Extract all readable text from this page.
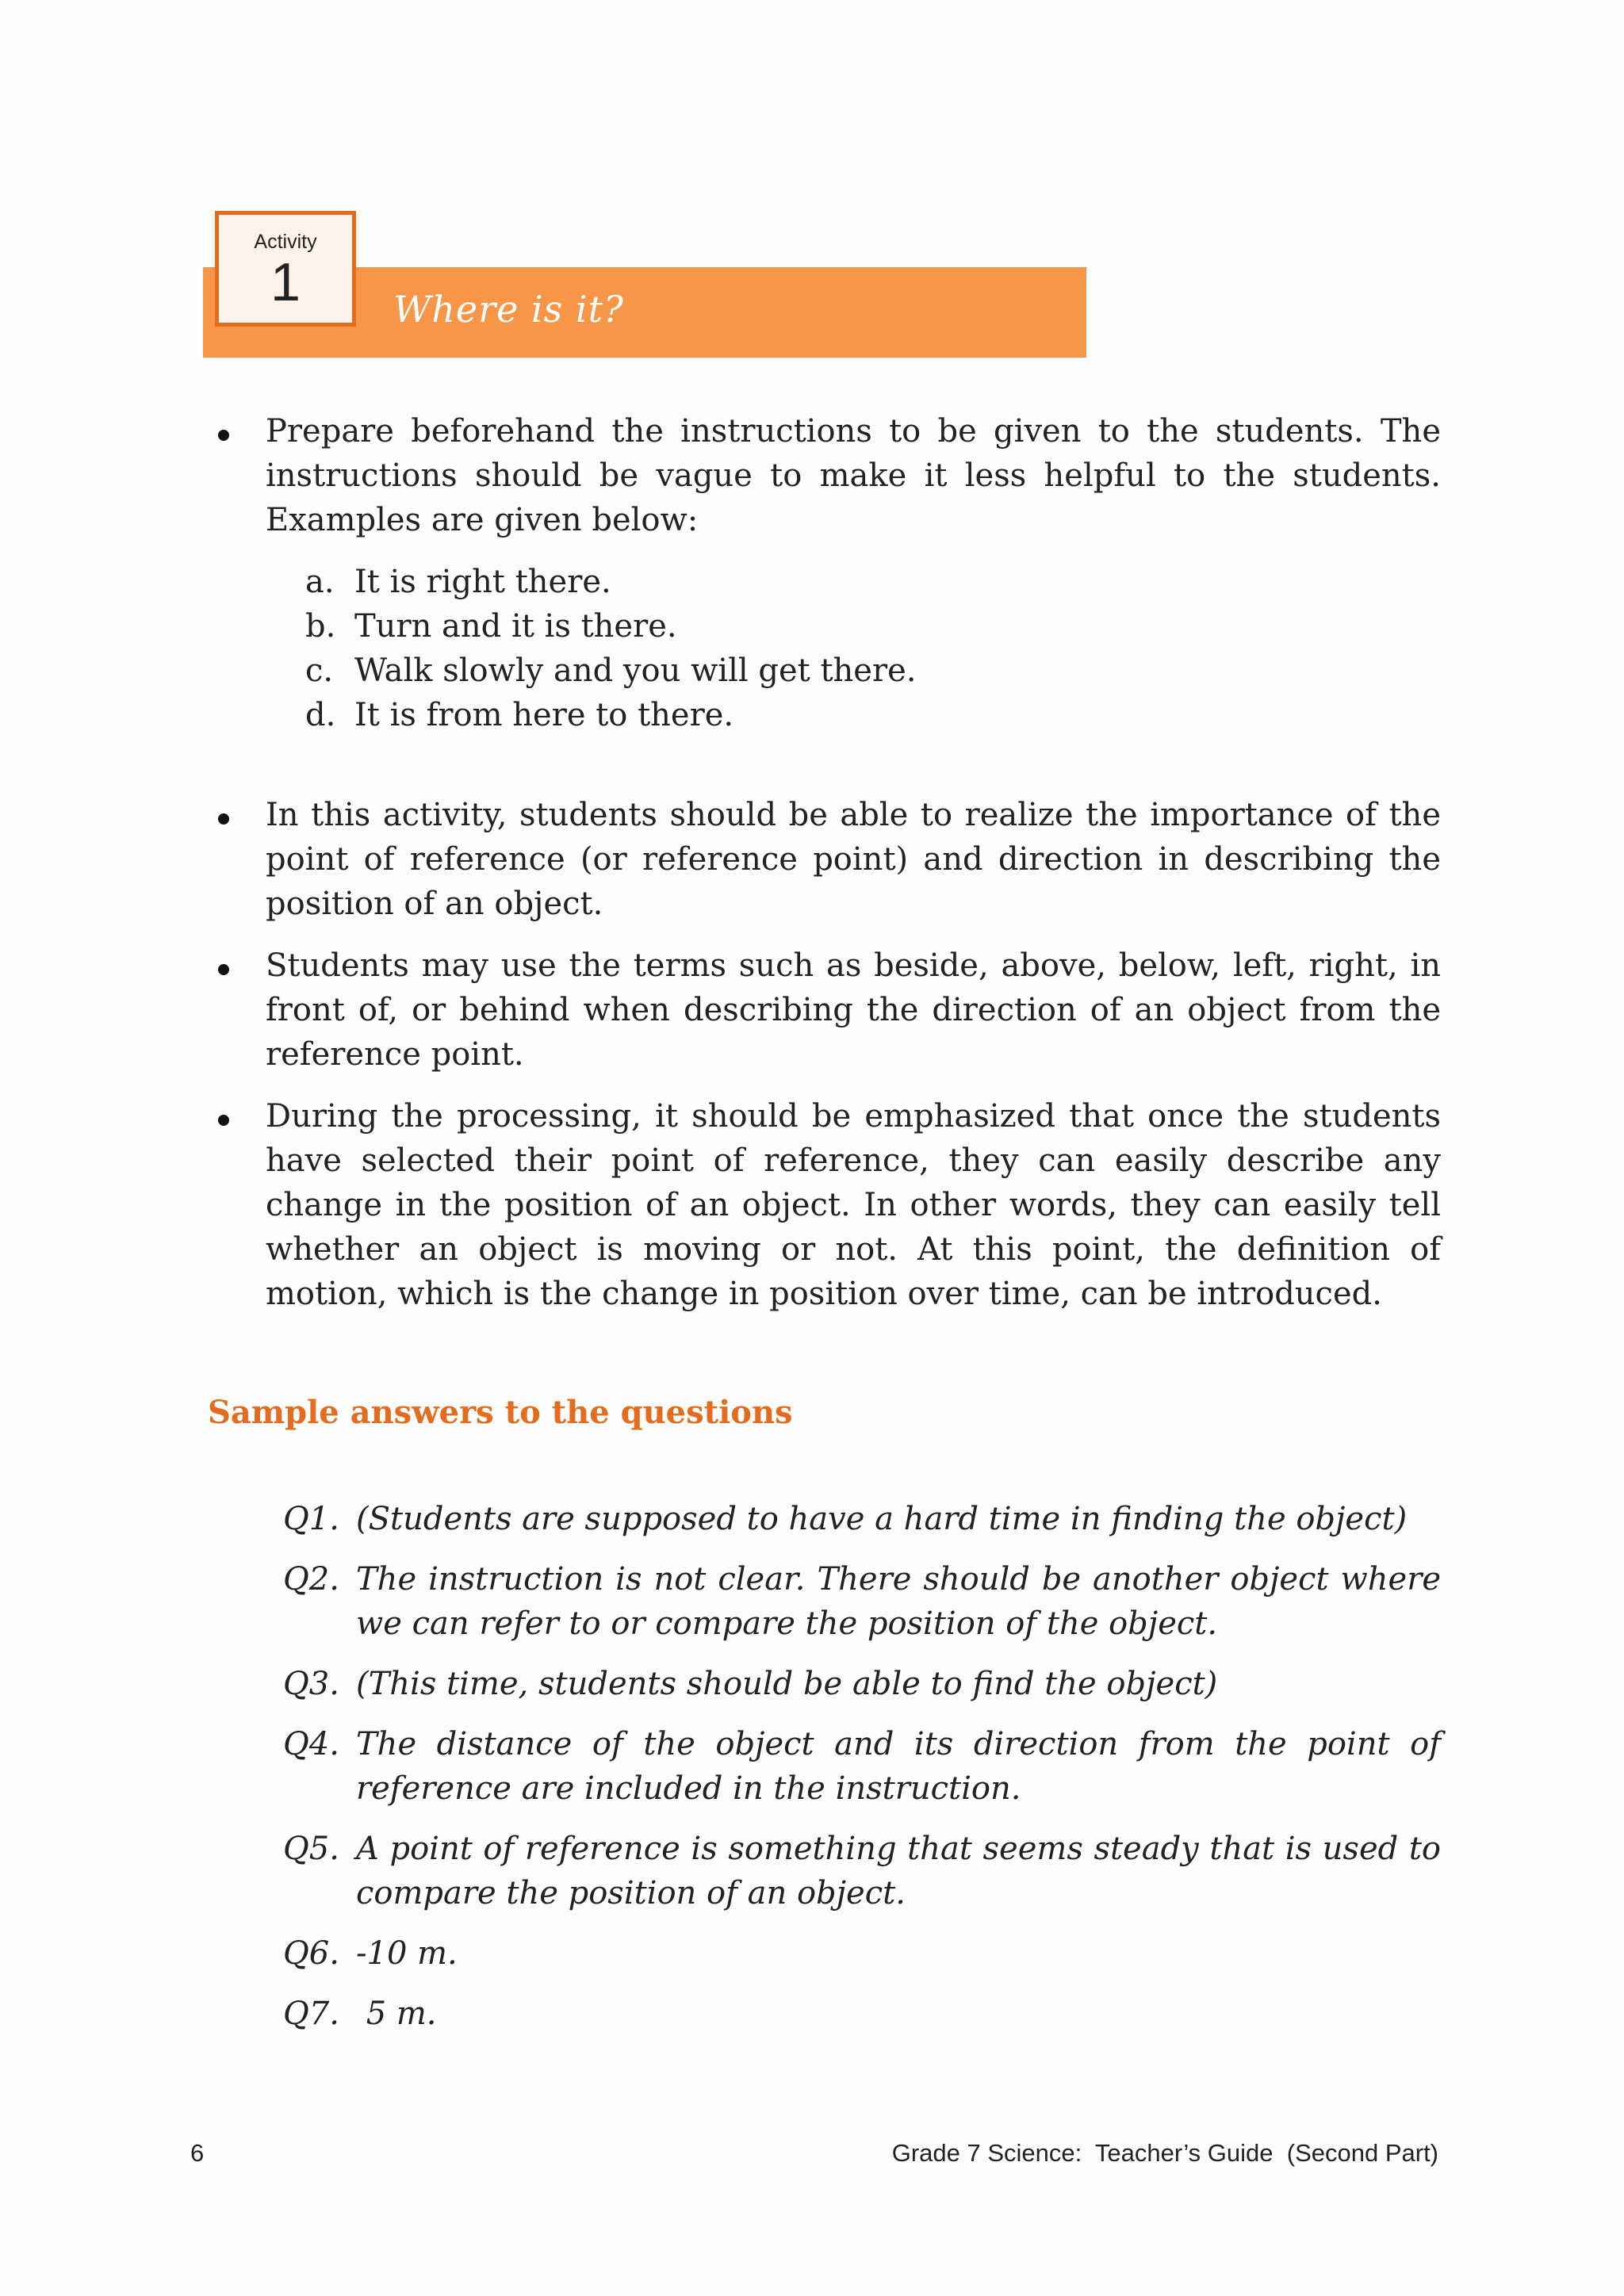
Where is it?
Activity
1
Prepare beforehand the instructions to be given to the students. The instructions should be vague to make it less helpful to the students. Examples are given below:
a. It is right there.
b. Turn and it is there.
c. Walk slowly and you will get there.
d. It is from here to there.
In this activity, students should be able to realize the importance of the point of reference (or reference point) and direction in describing the position of an object.
Students may use the terms such as beside, above, below, left, right, in front of, or behind when describing the direction of an object from the reference point.
During the processing, it should be emphasized that once the students have selected their point of reference, they can easily describe any change in the position of an object. In other words, they can easily tell whether an object is moving or not. At this point, the definition of motion, which is the change in position over time, can be introduced.
Sample answers to the questions
Q1. (Students are supposed to have a hard time in finding the object)
Q2. The instruction is not clear. There should be another object where we can refer to or compare the position of the object.
Q3. (This time, students should be able to find the object)
Q4. The distance of the object and its direction from the point of reference are included in the instruction.
Q5. A point of reference is something that seems steady that is used to compare the position of an object.
Q6. -10 m.
Q7. 5 m.
6	Grade 7 Science:  Teacher’s Guide  (Second Part)
